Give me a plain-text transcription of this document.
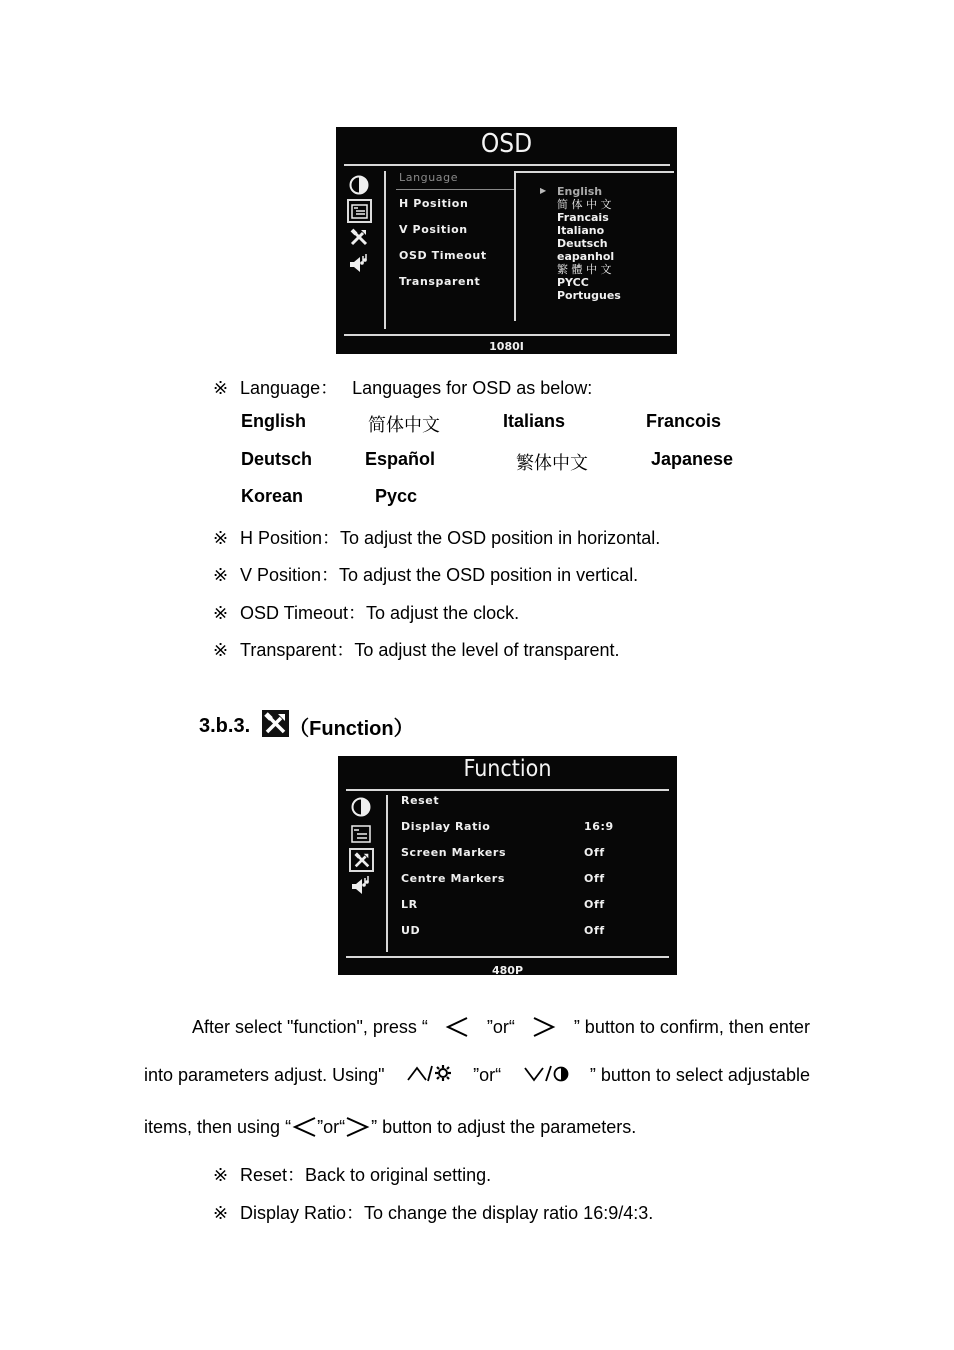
OSD
Language
H Position
V Position
OSD Timeout
Transparent
▶ English
简 体 中 文
Francais
Italiano
Deutsch
eapanhol
繁 體 中 文
PYCC
Portugues
1080I
※ Language： Languages for OSD as below:
English	简体中文	Italians	Francois
Deutsch	Español	繁体中文	Japanese
Korean	Pycc
※ H Position：To adjust the OSD position in horizontal.
※ V Position：To adjust the OSD position in vertical.
※ OSD Timeout：To adjust the clock.
※ Transparent：To adjust the level of transparent.
3.b.3. （Function）
Function
Reset
Display Ratio	16:9
Screen Markers	Off
Centre Markers	Off
LR	Off
UD	Off
480P
After select "function", press “	”or“	” button to confirm, then enter
into parameters adjust. Using"	”or“	” button to select adjustable
items, then using “ ”or“ ” button to adjust the parameters.
※ Reset：Back to original setting.
※ Display Ratio：To change the display ratio 16:9/4:3.
